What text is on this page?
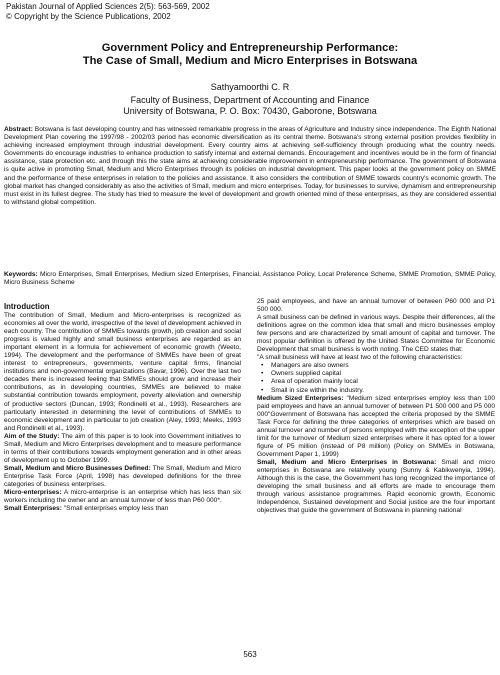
Pakistan Journal of Applied Sciences 2(5): 563-569, 2002
© Copyright by the Science Publications, 2002
Government Policy and Entrepreneurship Performance:
The Case of Small, Medium and Micro Enterprises in Botswana
Sathyamoorthi C. R
Faculty of Business, Department of Accounting and Finance
University of Botswana, P. O. Box: 70430, Gaborone, Botswana
Abstract: Botswana is fast developing country and has witnessed remarkable progress in the areas of Agriculture and Industry since independence. The Eighth National Development Plan covering the 1997/98 - 2002/03 period has economic diversification as its central theme. Botswana's strong external position provides flexibility in achieving increased employment through industrial development. Every country aims at achieving self-sufficiency through producing what the country needs. Governments do encourage industries to enhance production to satisfy internal and external demands. Encouragement and incentives would be in the form of financial assistance, state protection etc. and through this the state aims at achieving considerable improvement in entrepreneurship performance. The government of Botswana is quite active in promoting Small, Medium and Micro Enterprises through its policies on industrial development. This paper looks at the government policy on SMME and the performance of these enterprises in relation to the policies and assistance. It also considers the contribution of SMME towards country's economic growth. The global market has changed considerably as also the activities of Small, medium and micro enterprises. Today, for businesses to survive, dynamism and entrepreneurship must exist in its fullest degree. The study has tried to measure the level of development and growth oriented mind of these enterprises, as they are considered essential to withstand global competition.
Keywords: Micro Enterprises, Small Enterprises, Medium sized Enterprises, Financial, Assistance Policy, Local Preference Scheme, SMME Promotion, SMME Policy, Micro Business Scheme
Introduction

The contribution of Small, Medium and Micro-enterprises is recognized as economies all over the world, irrespective of the level of development achieved in each country. The contribution of SMMEs towards growth, job creation and social progress is valued highly and small business enterprises are regarded as an important element in a formula for achievement of economic growth (Weeto, 1994). The development and the performance of SMMEs have been of great interest to entrepreneurs, governments, venture capital firms, financial institutions and non-governmental organizations (Bavar, 1996). Over the last two decades there is increased feeling that SMMEs should grow and increase their contributions, as in developing countries, SMMEs are believed to make substantial contribution towards employment, poverty alleviation and ownership of productive sectors (Duncan, 1993; Rondinelli et al., 1993). Researchers are particularly interested in determining the level of contributions of SMMEs to economic development and in particular to job creation (Aley, 1993; Meeks, 1993 and Rondinelli et al., 1993).

Aim of the Study: The aim of this paper is to look into Government initiatives to Small, Medium and Micro Enterprises development and to measure performance in terms of their contributions towards employment generation and in other areas of development up to October 1999.

Small, Medium and Micro Businesses Defined: The Small, Medium and Micro Enterprise Task Force (April, 1998) has developed definitions for the three categories of business enterprises.

Micro-enterprises: A micro-enterprise is an enterprise which has less than six workers including the owner and an annual turnover of less than P60 000*.

Small Enterprises: "Small enterprises employ less than

25 paid employees, and have an annual turnover of between P60 000 and P1 500 000.

A small business can be defined in various ways. Despite their differences, all the definitions agree on the common idea that small and micro businesses employ few persons and are characterized by small amount of capital and turnover. The most popular definition is offered by the United States Committee for Economic Development that small business is worth noting. The CED states that:

"A small business will have at least two of the following characteristics:

• Managers are also owners
• Owners supplied capital
• Area of operation mainly local
• Small in size within the industry.

Medium Sized Enterprises: "Medium sized enterprises employ less than 100 paid employees and have an annual turnover of between P1 500 000 and P5 000 000"Government of Botswana has accepted the criteria proposed by the SMME Task Force for defining the three categories of enterprises which are based on annual turnover and number of persons employed with the exception of the upper limit for the turnover of Medium sized enterprises where it has opted for a lower figure of P5 million (instead of P8 million) (Policy on SMMEs in Botswana, Government Paper 1, 1999)

Small, Medium and Micro Enterprises in Botswana: Small and micro enterprises in Botswana are relatively young (Sunny & Kabikwenyia, 1994). Although this is the case, the Government has long recognized the importance of developing the small business and all efforts are made to encourage them through various assistance programmes. Rapid economic growth, Economic Independence, Sustained development and Social justice are the four important objectives that guide the government of Botswana in planning national

563
